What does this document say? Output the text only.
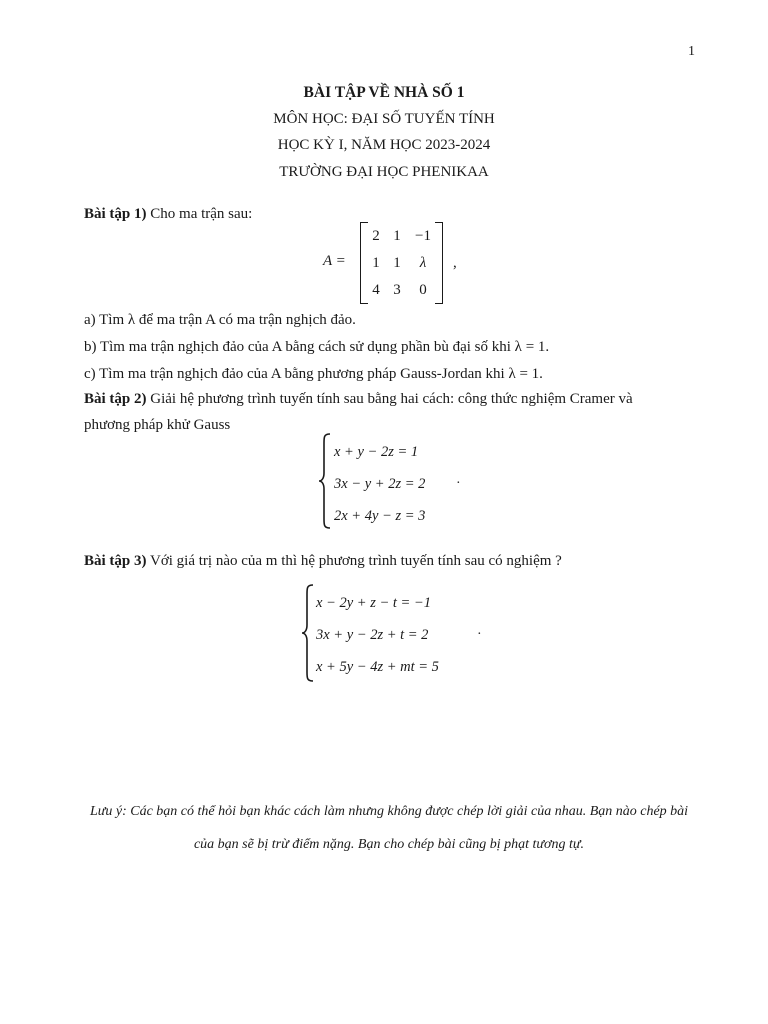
1
BÀI TẬP VỀ NHÀ SỐ 1
MÔN HỌC: ĐẠI SỐ TUYẾN TÍNH
HỌC KỲ I, NĂM HỌC 2023-2024
TRƯỜNG ĐẠI HỌC PHENIKAA
Bài tập 1) Cho ma trận sau:
A =
2 1 −1
1 1	λ
4 3	0
,
a) Tìm λ để ma trận A có ma trận nghịch đảo.
b) Tìm ma trận nghịch đảo của A bằng cách sử dụng phần bù đại số khi λ = 1.
c) Tìm ma trận nghịch đảo của A bằng phương pháp Gauss-Jordan khi λ = 1.
Bài tập 2) Giải hệ phương trình tuyến tính sau bằng hai cách: công thức nghiệm Cramer và
phương pháp khử Gauss
x + y − 2z = 1
3x − y + 2z = 2
2x + 4y − z = 3
·
Bài tập 3) Với giá trị nào của m thì hệ phương trình tuyến tính sau có nghiệm ?
x − 2y + z − t = −1
3x + y − 2z + t = 2
x + 5y − 4z + mt = 5
·
Lưu ý: Các bạn có thể hỏi bạn khác cách làm nhưng không được chép lời giải của nhau. Bạn nào chép bài của bạn sẽ bị trừ điểm nặng. Bạn cho chép bài cũng bị phạt tương tự.
